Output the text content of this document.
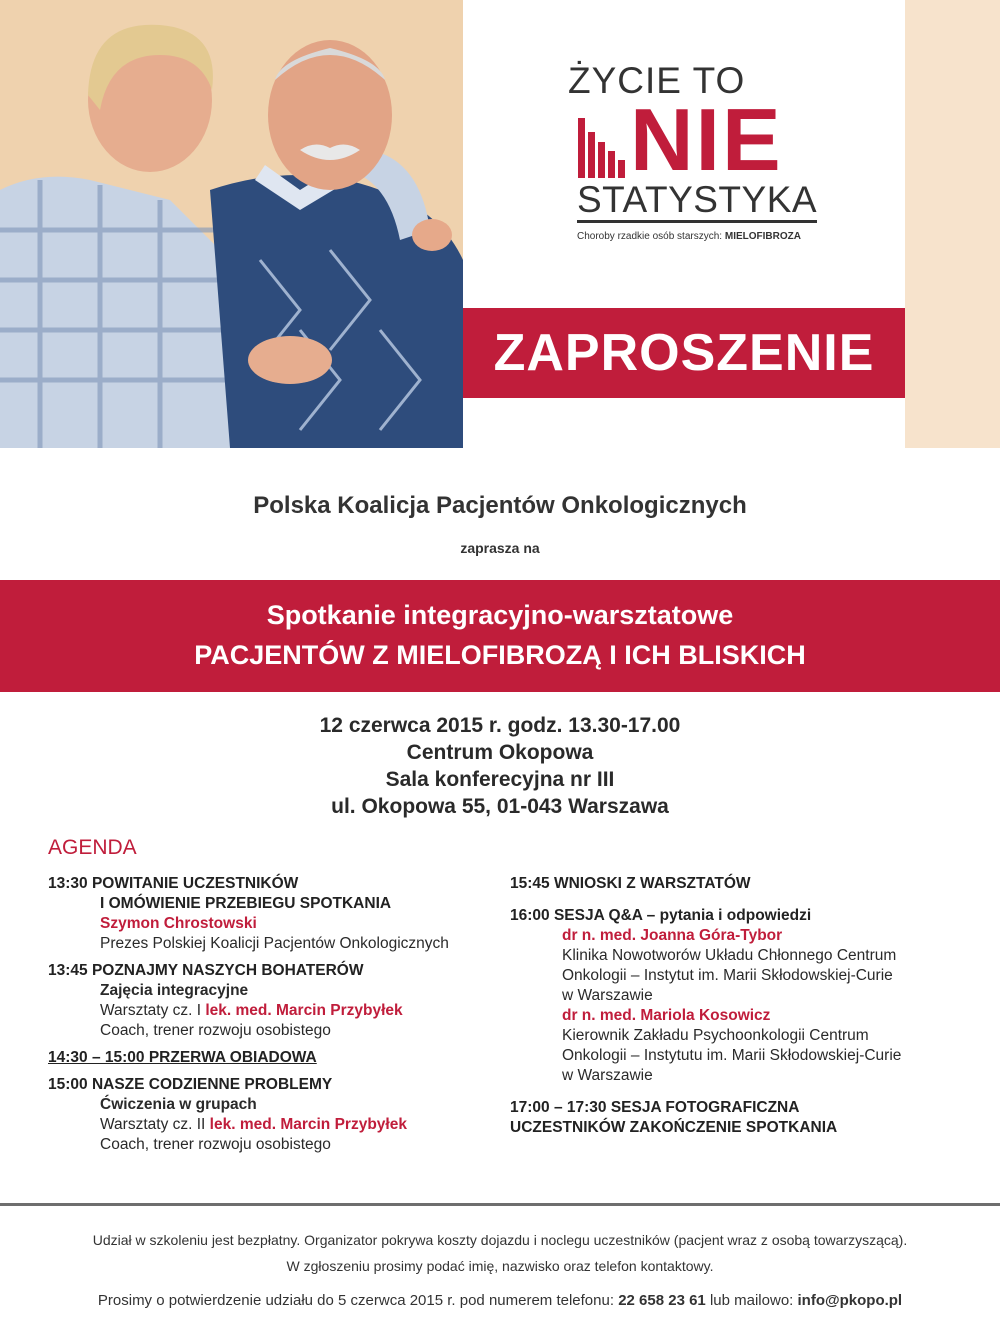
ŻYCIE TO
NIE
STATYSTYKA
Choroby rzadkie osób starszych: MIELOFIBROZA
ZAPROSZENIE
Polska Koalicja Pacjentów Onkologicznych
zaprasza na
Spotkanie integracyjno-warsztatowe
PACJENTÓW Z MIELOFIBROZĄ I ICH BLISKICH
12 czerwca 2015 r. godz. 13.30-17.00
Centrum Okopowa
Sala konferecyjna nr III
ul. Okopowa 55, 01-043 Warszawa
AGENDA
13:30 POWITANIE UCZESTNIKÓW
I OMÓWIENIE PRZEBIEGU SPOTKANIA
Szymon Chrostowski
Prezes Polskiej Koalicji Pacjentów Onkologicznych
13:45 POZNAJMY NASZYCH BOHATERÓW
Zajęcia integracyjne
Warsztaty cz. I lek. med. Marcin Przybyłek
Coach, trener rozwoju osobistego
14:30 – 15:00 PRZERWA OBIADOWA
15:00 NASZE CODZIENNE PROBLEMY
Ćwiczenia w grupach
Warsztaty cz. II lek. med. Marcin Przybyłek
Coach, trener rozwoju osobistego
15:45 WNIOSKI Z WARSZTATÓW
16:00 SESJA Q&A – pytania i odpowiedzi
dr n. med. Joanna Góra-Tybor
Klinika Nowotworów Układu Chłonnego Centrum
Onkologii – Instytut im. Marii Skłodowskiej-Curie
w Warszawie
dr n. med. Mariola Kosowicz
Kierownik Zakładu Psychoonkologii Centrum
Onkologii – Instytutu im. Marii Skłodowskiej-Curie
w Warszawie
17:00 – 17:30 SESJA FOTOGRAFICZNA
UCZESTNIKÓW ZAKOŃCZENIE SPOTKANIA
Udział w szkoleniu jest bezpłatny. Organizator pokrywa koszty dojazdu i noclegu uczestników (pacjent wraz z osobą towarzyszącą).
W zgłoszeniu prosimy podać imię, nazwisko oraz telefon kontaktowy.
Prosimy o potwierdzenie udziału do 5 czerwca 2015 r. pod numerem telefonu: 22 658 23 61 lub mailowo: info@pkopo.pl
